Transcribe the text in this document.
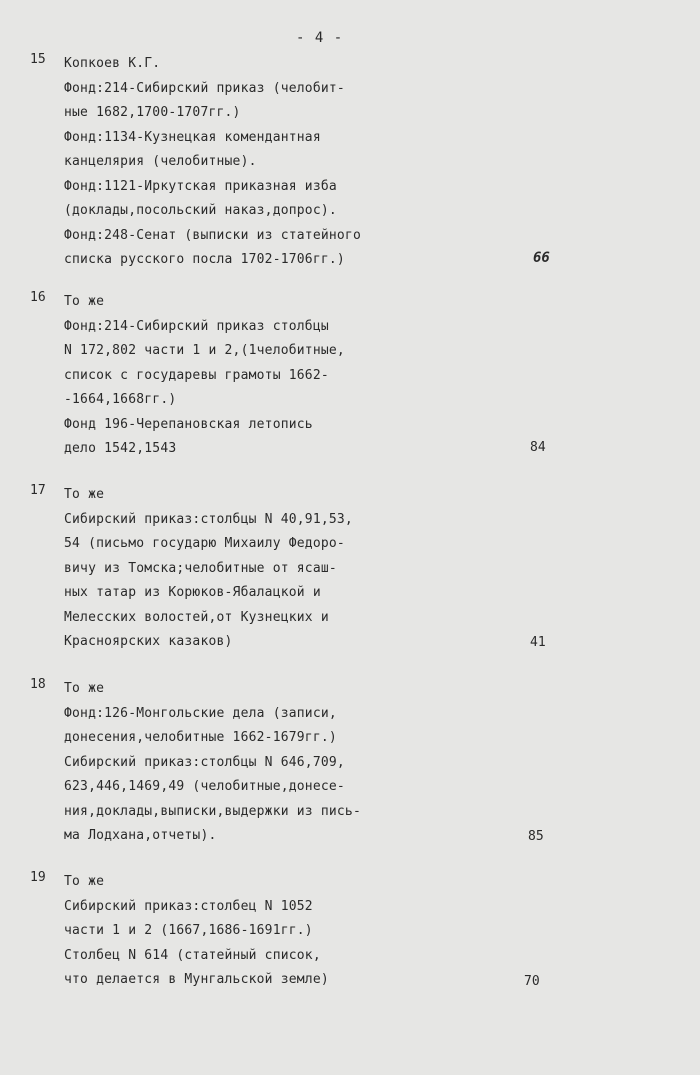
- 4 -
15 Копкоев К.Г.
Фонд:214-Сибирский приказ (челобит-
ные 1682,1700-1707гг.)
Фонд:1134-Кузнецкая комендантная
канцелярия (челобитные).
Фонд:1121-Иркутская приказная изба
(доклады,посольский наказ,допрос).
Фонд:248-Сенат (выписки из статейного
списка русского посла 1702-1706гг.)	66
16 То же
Фонд:214-Сибирский приказ столбцы
N 172,802 части 1 и 2,(1челобитные,
список с государевы грамоты 1662-
-1664,1668гг.)
Фонд 196-Черепановская летопись
дело 1542,1543	84
17 То же
Сибирский приказ:столбцы N 40,91,53,
54 (письмо государю Михаилу Федоро-
вичу из Томска;челобитные от ясаш-
ных татар из Корюков-Ябалацкой и
Мелесских волостей,от Кузнецких и
Красноярских казаков)	41
18 То же
Фонд:126-Монгольские дела (записи,
донесения,челобитные 1662-1679гг.)
Сибирский приказ:столбцы N 646,709,
623,446,1469,49 (челобитные,донесе-
ния,доклады,выписки,выдержки из пись-
ма Лодхана,отчеты).	85
19 То же
Сибирский приказ:столбец N 1052
части 1 и 2 (1667,1686-1691гг.)
Столбец N 614 (статейный список,
что делается в Мунгальской земле)	70
